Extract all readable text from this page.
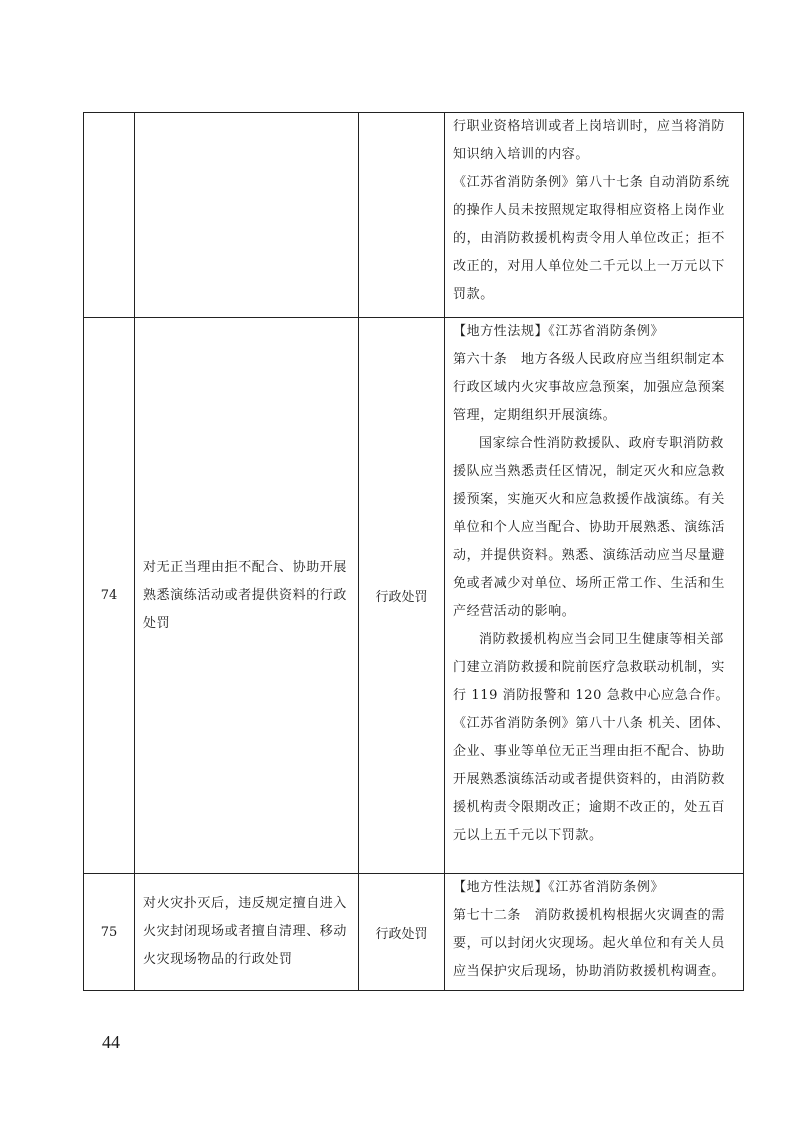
			行职业资格培训或者上岗培训时，应当将消防知识纳入培训的内容。

《江苏省消防条例》第八十七条 自动消防系统的操作人员未按照规定取得相应资格上岗作业的，由消防救援机构责令用人单位改正；拒不改正的，对用人单位处二千元以上一万元以下罚款。

74	对无正当理由拒不配合、协助开展熟悉演练活动或者提供资料的行政处罚	行政处罚	【地方性法规】《江苏省消防条例》

第六十条　地方各级人民政府应当组织制定本行政区域内火灾事故应急预案，加强应急预案管理，定期组织开展演练。

国家综合性消防救援队、政府专职消防救援队应当熟悉责任区情况，制定灭火和应急救援预案，实施灭火和应急救援作战演练。有关单位和个人应当配合、协助开展熟悉、演练活动，并提供资料。熟悉、演练活动应当尽量避免或者减少对单位、场所正常工作、生活和生产经营活动的影响。

消防救援机构应当会同卫生健康等相关部门建立消防救援和院前医疗急救联动机制，实行 119 消防报警和 120 急救中心应急合作。

《江苏省消防条例》第八十八条 机关、团体、企业、事业等单位无正当理由拒不配合、协助开展熟悉演练活动或者提供资料的，由消防救援机构责令限期改正；逾期不改正的，处五百元以上五千元以下罚款。

75	对火灾扑灭后，违反规定擅自进入火灾封闭现场或者擅自清理、移动火灾现场物品的行政处罚	行政处罚	【地方性法规】《江苏省消防条例》

第七十二条　消防救援机构根据火灾调查的需要，可以封闭火灾现场。起火单位和有关人员应当保护灾后现场，协助消防救援机构调查。

44
